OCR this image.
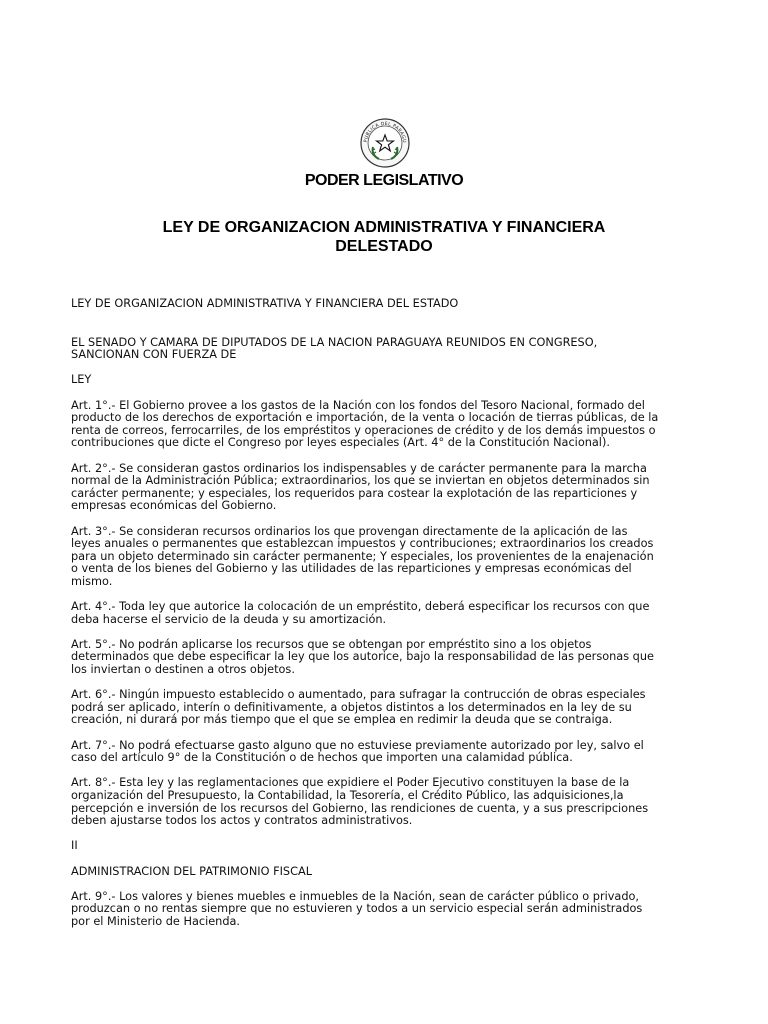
PUBLICA DEL PARAGU
PODER LEGISLATIVO
LEY DE ORGANIZACION ADMINISTRATIVA Y FINANCIERA
DELESTADO

LEY DE ORGANIZACION ADMINISTRATIVA Y FINANCIERA DEL ESTADO

EL SENADO Y CAMARA DE DIPUTADOS DE LA NACION PARAGUAYA REUNIDOS EN CONGRESO,
SANCIONAN CON FUERZA DE

LEY

Art. 1°.- El Gobierno provee a los gastos de la Nación con los fondos del Tesoro Nacional, formado del
producto de los derechos de exportación e importación, de la venta o locación de tierras públicas, de la
renta de correos, ferrocarriles, de los empréstitos y operaciones de crédito y de los demás impuestos o
contribuciones que dicte el Congreso por leyes especiales (Art. 4° de la Constitución Nacional).

Art. 2°.- Se consideran gastos ordinarios los indispensables y de carácter permanente para la marcha
normal de la Administración Pública; extraordinarios, los que se inviertan en objetos determinados sin
carácter permanente; y especiales, los requeridos para costear la explotación de las reparticiones y
empresas económicas del Gobierno.

Art. 3°.- Se consideran recursos ordinarios los que provengan directamente de la aplicación de las
leyes anuales o permanentes que establezcan impuestos y contribuciones; extraordinarios los creados
para un objeto determinado sin carácter permanente; Y especiales, los provenientes de la enajenación
o venta de los bienes del Gobierno y las utilidades de las reparticiones y empresas económicas del
mismo.

Art. 4°.- Toda ley que autorice la colocación de un empréstito, deberá especificar los recursos con que
deba hacerse el servicio de la deuda y su amortización.

Art. 5°.- No podrán aplicarse los recursos que se obtengan por empréstito sino a los objetos
determinados que debe especificar la ley que los autorice, bajo la responsabilidad de las personas que
los inviertan o destinen a otros objetos.

Art. 6°.- Ningún impuesto establecido o aumentado, para sufragar la contrucción de obras especiales
podrá ser aplicado, interín o definitivamente, a objetos distintos a los determinados en la ley de su
creación, ni durará por más tiempo que el que se emplea en redimir la deuda que se contraiga.

Art. 7°.- No podrá efectuarse gasto alguno que no estuviese previamente autorizado por ley, salvo el
caso del artículo 9° de la Constitución o de hechos que importen una calamidad pública.

Art. 8°.- Esta ley y las reglamentaciones que expidiere el Poder Ejecutivo constituyen la base de la
organización del Presupuesto, la Contabilidad, la Tesorería, el Crédito Público, las adquisiciones,la
percepción e inversión de los recursos del Gobierno, las rendiciones de cuenta, y a sus prescripciones
deben ajustarse todos los actos y contratos administrativos.

II

ADMINISTRACION DEL PATRIMONIO FISCAL

Art. 9°.- Los valores y bienes muebles e inmuebles de la Nación, sean de carácter público o privado,
produzcan o no rentas siempre que no estuvieren y todos a un servicio especial serán administrados
por el Ministerio de Hacienda.
